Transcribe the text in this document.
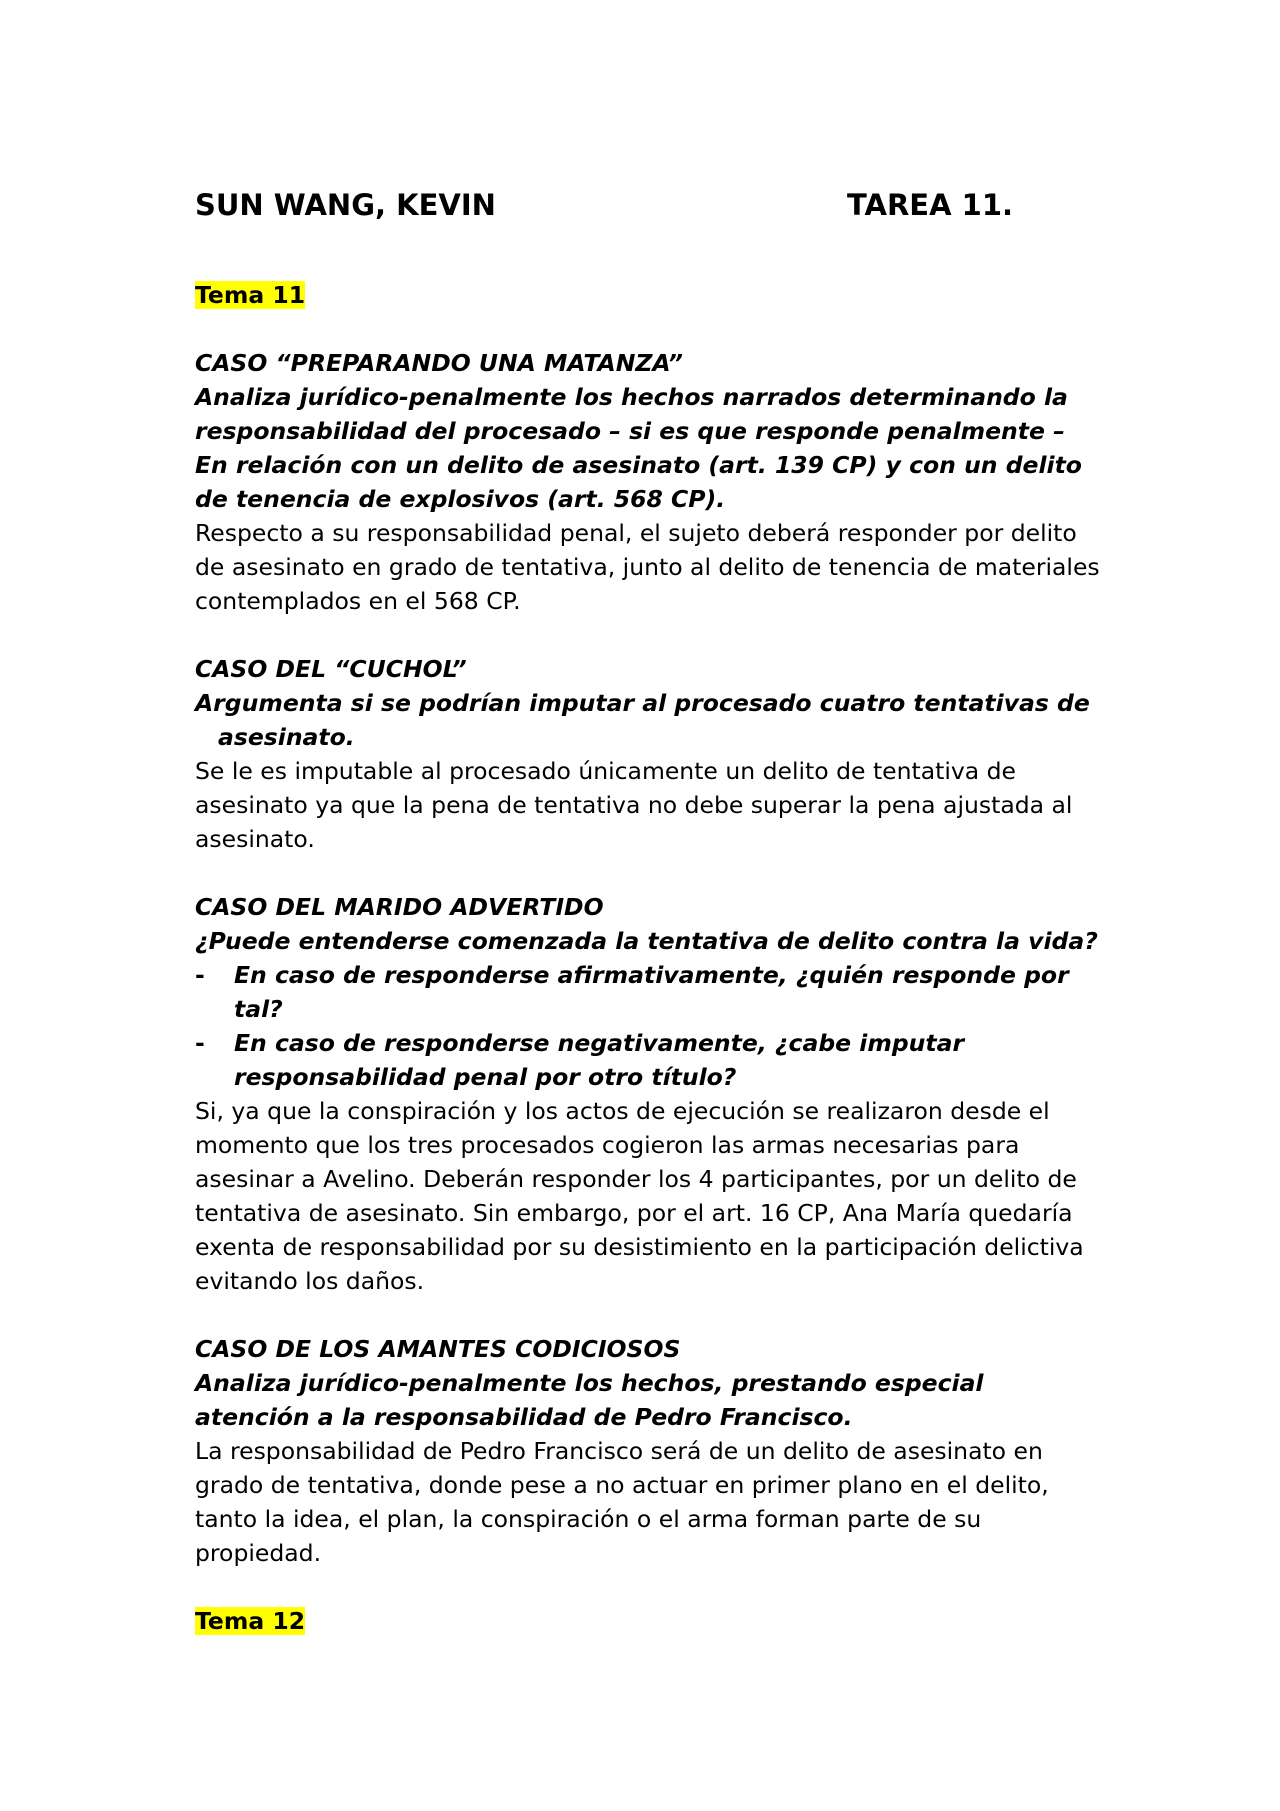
SUN WANG, KEVIN	TAREA 11.

Tema 11

CASO “PREPARANDO UNA MATANZA”

Analiza jurídico-penalmente los hechos narrados determinando la responsabilidad del procesado – si es que responde penalmente – En relación con un delito de asesinato (art. 139 CP) y con un delito de tenencia de explosivos (art. 568 CP).

Respecto a su responsabilidad penal, el sujeto deberá responder por delito de asesinato en grado de tentativa, junto al delito de tenencia de materiales contemplados en el 568 CP.

CASO DEL “CUCHOL”

Argumenta si se podrían imputar al procesado cuatro tentativas de asesinato.

Se le es imputable al procesado únicamente un delito de tentativa de asesinato ya que la pena de tentativa no debe superar la pena ajustada al asesinato.

CASO DEL MARIDO ADVERTIDO

¿Puede entenderse comenzada la tentativa de delito contra la vida?

- En caso de responderse afirmativamente, ¿quién responde por tal?
- En caso de responderse negativamente, ¿cabe imputar responsabilidad penal por otro título?

Si, ya que la conspiración y los actos de ejecución se realizaron desde el momento que los tres procesados cogieron las armas necesarias para asesinar a Avelino. Deberán responder los 4 participantes, por un delito de tentativa de asesinato. Sin embargo, por el art. 16 CP, Ana María quedaría exenta de responsabilidad por su desistimiento en la participación delictiva evitando los daños.

CASO DE LOS AMANTES CODICIOSOS

Analiza jurídico-penalmente los hechos, prestando especial atención a la responsabilidad de Pedro Francisco.

La responsabilidad de Pedro Francisco será de un delito de asesinato en grado de tentativa, donde pese a no actuar en primer plano en el delito, tanto la idea, el plan, la conspiración o el arma forman parte de su propiedad.

Tema 12
